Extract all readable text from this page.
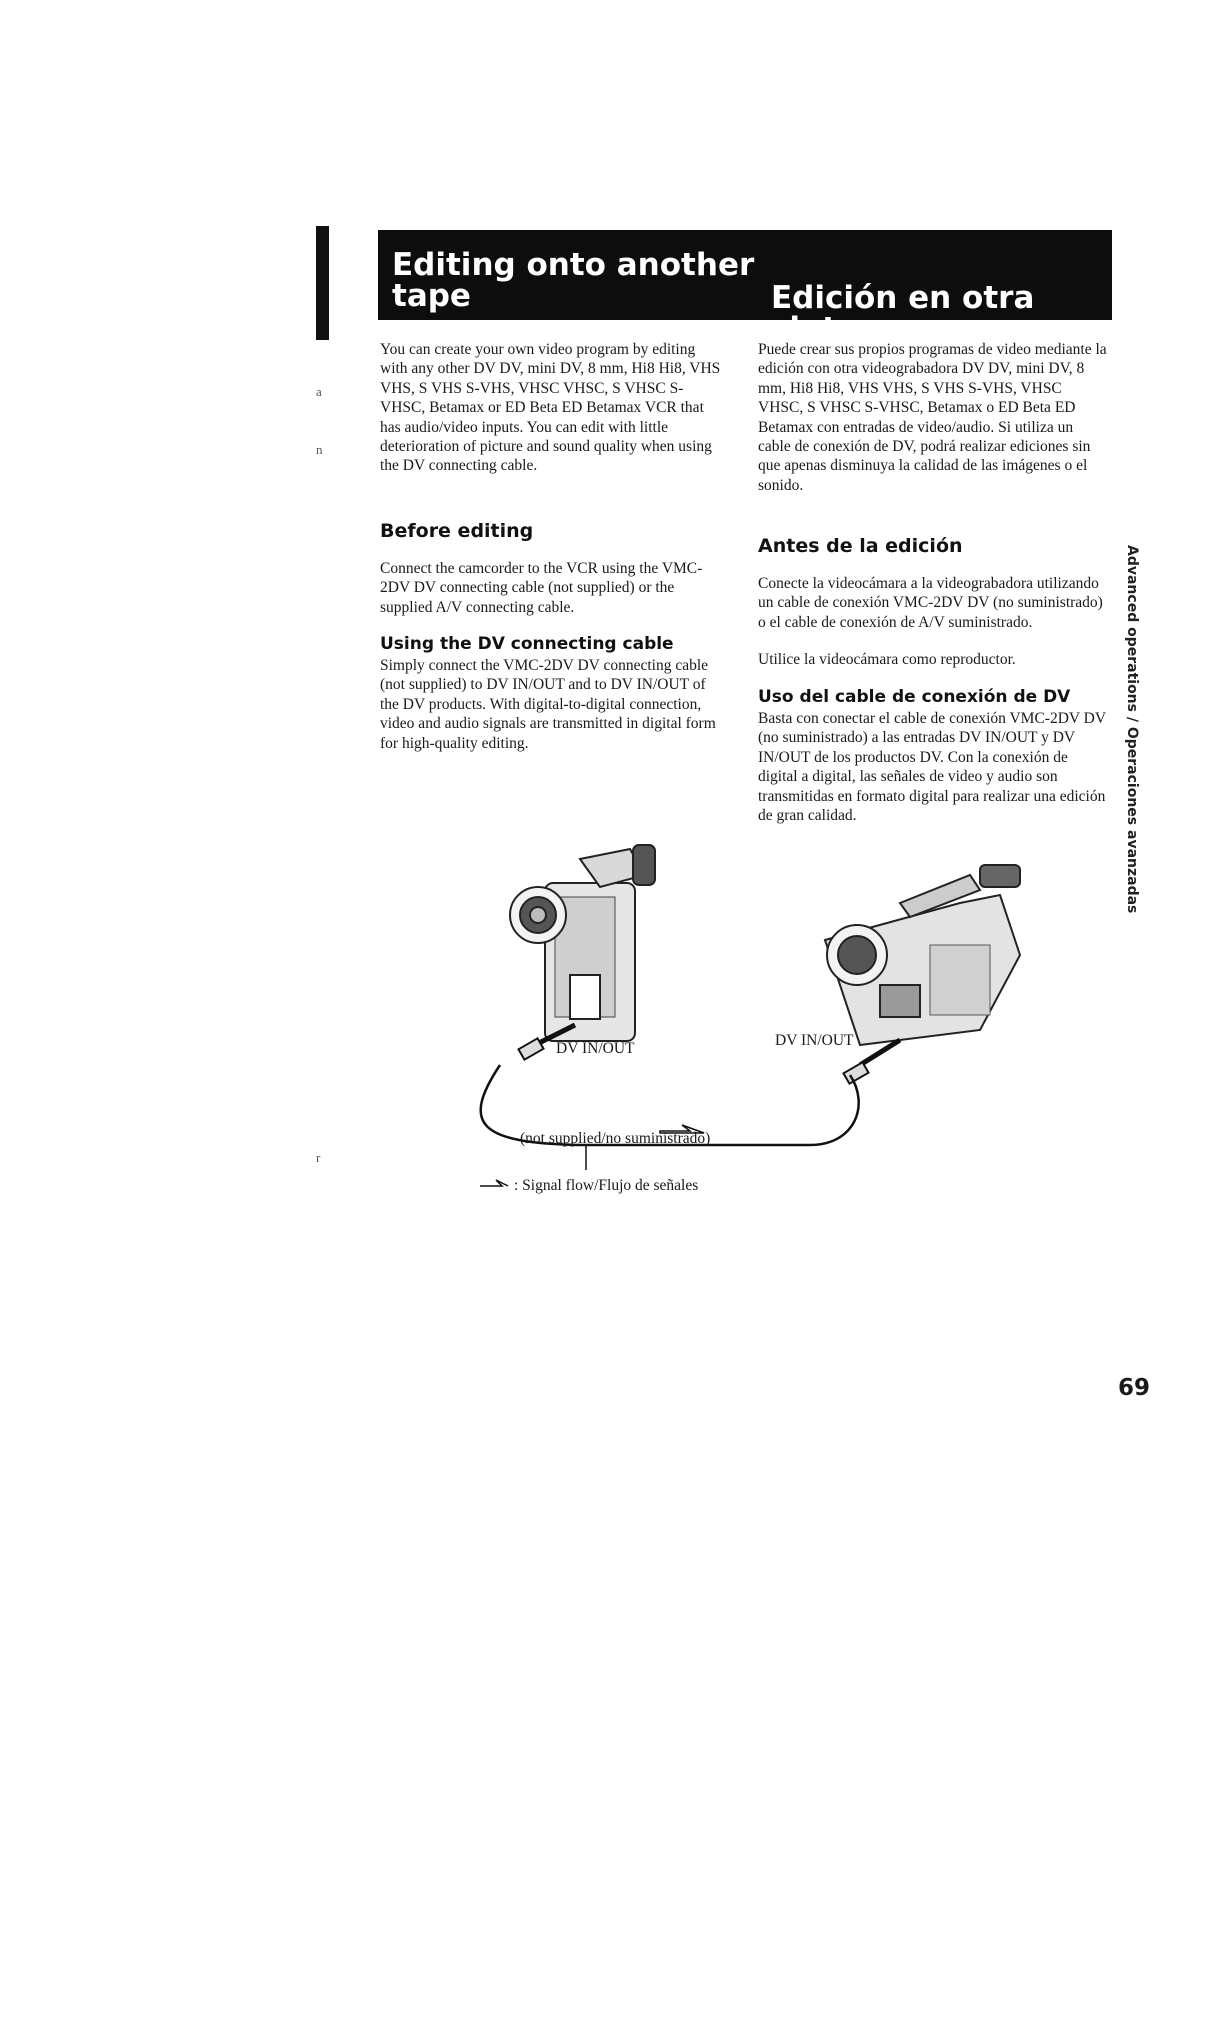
Editing onto another

tape	Edición en otra cinta

a
n
r

You can create your own video program by editing with any other DV DV, mini DV, 8 mm, Hi8 Hi8, VHS VHS, S VHS S-VHS, VHSC VHSC, S VHSC S-VHSC, Betamax or ED Beta ED Betamax VCR that has audio/video inputs. You can edit with little deterioration of picture and sound quality when using the DV connecting cable.

Before editing

Connect the camcorder to the VCR using the VMC-2DV DV connecting cable (not supplied) or the supplied A/V connecting cable.

Using the DV connecting cable

Simply connect the VMC-2DV DV connecting cable (not supplied) to DV IN/OUT and to DV IN/OUT of the DV products. With digital-to-digital connection, video and audio signals are transmitted in digital form for high-quality editing.

Puede crear sus propios programas de video mediante la edición con otra videograbadora DV DV, mini DV, 8 mm, Hi8 Hi8, VHS VHS, S VHS S-VHS, VHSC VHSC, S VHSC S-VHSC, Betamax o ED Beta ED Betamax con entradas de video/audio. Si utiliza un cable de conexión de DV, podrá realizar ediciones sin que apenas disminuya la calidad de las imágenes o el sonido.

Antes de la edición

Conecte la videocámara a la videograbadora utilizando un cable de conexión VMC-2DV DV (no suministrado) o el cable de conexión de A/V suministrado.

Utilice la videocámara como reproductor.

Uso del cable de conexión de DV

Basta con conectar el cable de conexión VMC-2DV DV (no suministrado) a las entradas DV IN/OUT y DV IN/OUT de los productos DV. Con la conexión de digital a digital, las señales de video y audio son transmitidas en formato digital para realizar una edición de gran calidad.	Advanced operations / Operaciones avanzadas
DV IN/OUT	DV IN/OUT
(not supplied/no suministrado)
: Signal flow/Flujo de señales
69
